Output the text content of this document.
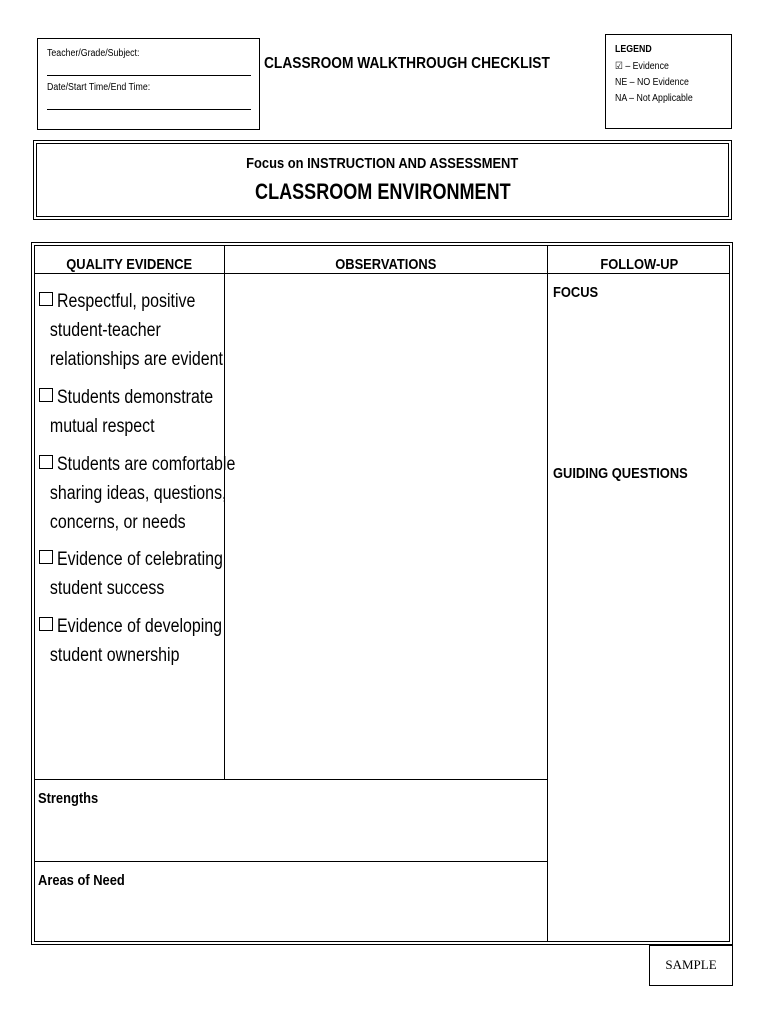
Teacher/Grade/Subject:
Date/Start Time/End Time:
CLASSROOM WALKTHROUGH CHECKLIST
LEGEND
☑ – Evidence
NE – NO Evidence
NA – Not Applicable
Focus on INSTRUCTION AND ASSESSMENT
CLASSROOM ENVIRONMENT
QUALITY EVIDENCE	OBSERVATIONS	FOLLOW-UP
Respectful, positive
student-teacher
relationships are evident
Students demonstrate
mutual respect
Students are comfortable
sharing ideas, questions,
concerns, or needs
Evidence of celebrating
student success
Evidence of developing
student ownership
FOCUS
GUIDING QUESTIONS
Strengths
Areas of Need
SAMPLE
